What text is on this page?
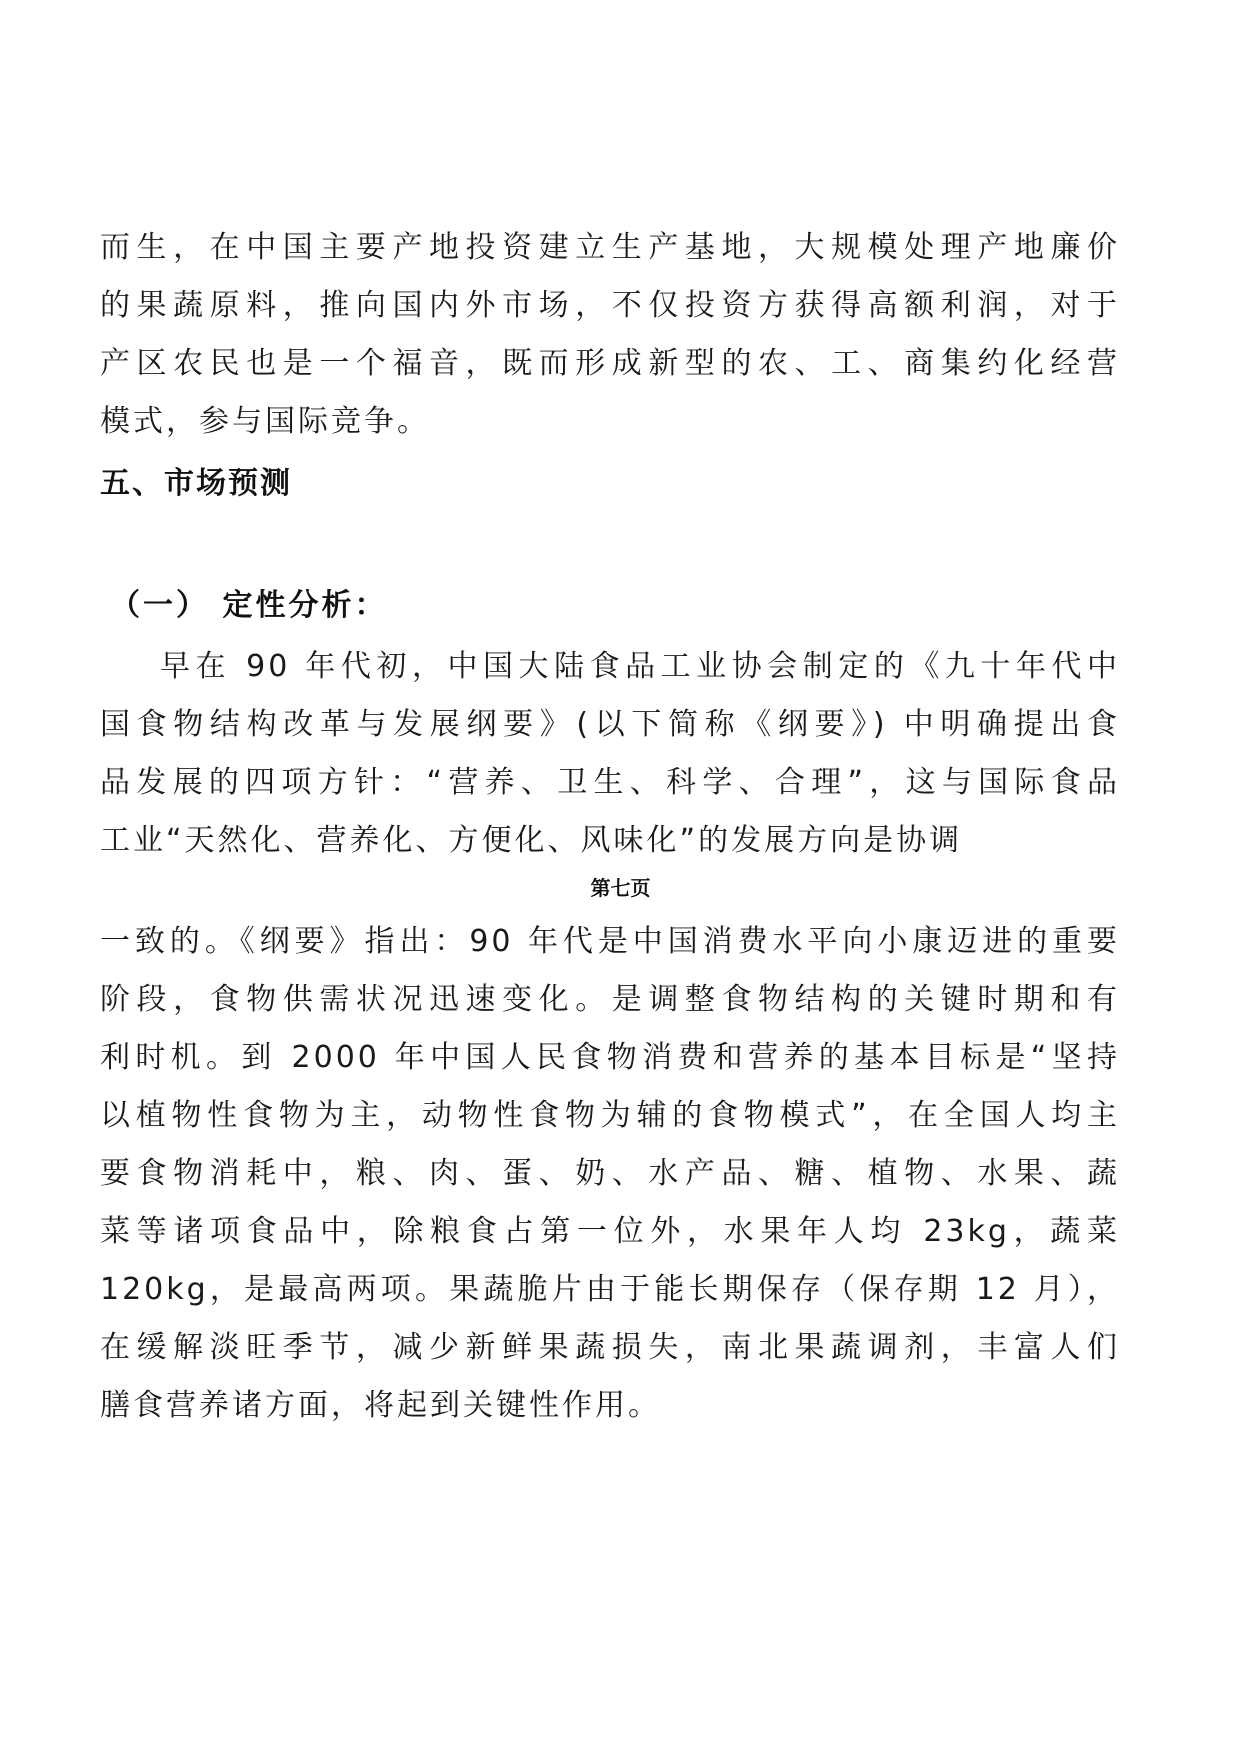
而生，在中国主要产地投资建立生产基地，大规模处理产地廉价
的果蔬原料，推向国内外市场，不仅投资方获得高额利润，对于
产区农民也是一个福音，既而形成新型的农、工、商集约化经营
模式，参与国际竞争。
五、市场预测
（一） 定性分析：
早在 90 年代初，中国大陆食品工业协会制定的《九十年代中
国食物结构改革与发展纲要》(以下简称《纲要》) 中明确提出食
品发展的四项方针：“营养、卫生、科学、合理”，这与国际食品
工业“天然化、营养化、方便化、风味化”的发展方向是协调
第七页
一致的。《纲要》指出：90 年代是中国消费水平向小康迈进的重要
阶段，食物供需状况迅速变化。是调整食物结构的关键时期和有
利时机。到 2000 年中国人民食物消费和营养的基本目标是“坚持
以植物性食物为主，动物性食物为辅的食物模式”，在全国人均主
要食物消耗中，粮、肉、蛋、奶、水产品、糖、植物、水果、蔬
菜等诸项食品中，除粮食占第一位外，水果年人均 23kg，蔬菜
120kg，是最高两项。果蔬脆片由于能长期保存（保存期 12 月），
在缓解淡旺季节，减少新鲜果蔬损失，南北果蔬调剂，丰富人们
膳食营养诸方面，将起到关键性作用。
